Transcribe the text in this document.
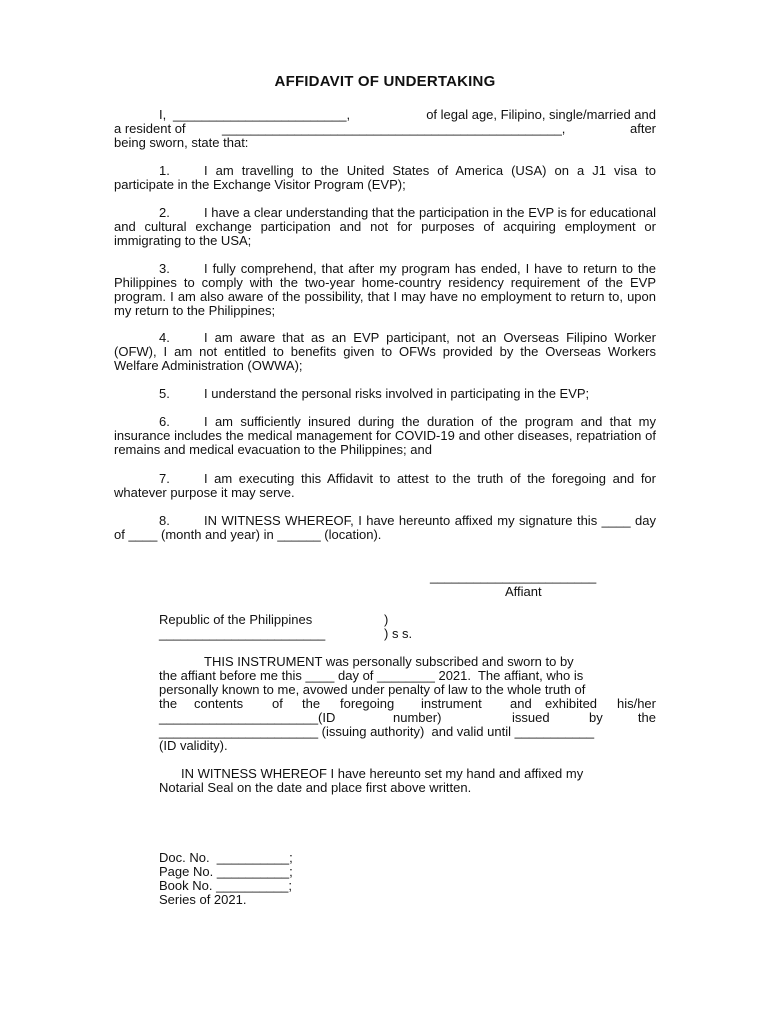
AFFIDAVIT OF UNDERTAKING
I, ________________________,	of legal age, Filipino, single/married and
a resident of	_______________________________________________,	after
being sworn, state that:
1.	I am travelling to the United States of America (USA) on a J1 visa to participate in the Exchange Visitor Program (EVP);
2.	I have a clear understanding that the participation in the EVP is for educational and cultural exchange participation and not for purposes of acquiring employment or immigrating to the USA;
3.	I fully comprehend, that after my program has ended, I have to return to the Philippines to comply with the two-year home-country residency requirement of the EVP program. I am also aware of the possibility, that I may have no employment to return to, upon my return to the Philippines;
4.	I am aware that as an EVP participant, not an Overseas Filipino Worker (OFW), I am not entitled to benefits given to OFWs provided by the Overseas Workers Welfare Administration (OWWA);
5.	I understand the personal risks involved in participating in the EVP;
6.	I am sufficiently insured during the duration of the program and that my insurance includes the medical management for COVID-19 and other diseases, repatriation of remains and medical evacuation to the Philippines; and
7.	I am executing this Affidavit to attest to the truth of the foregoing and for whatever purpose it may serve.
8.	IN WITNESS WHEREOF, I have hereunto affixed my signature this ____ day of ____ (month and year) in ______ (location).
_______________________
Affiant
Republic of the Philippines	)
_______________________	) s s.
THIS INSTRUMENT was personally subscribed and sworn to by
the affiant before me this ____ day of ________ 2021.  The affiant, who is
personally known to me, avowed under penalty of law to the whole truth of
the contents of the foregoing instrument and exhibited his/her
______________________(ID	number)	issued	by	the
______________________ (issuing authority)  and valid until ___________
(ID validity).
IN WITNESS WHEREOF I have hereunto set my hand and affixed my
Notarial Seal on the date and place first above written.
Doc. No.  __________;
Page No. __________;
Book No. __________;
Series of 2021.
